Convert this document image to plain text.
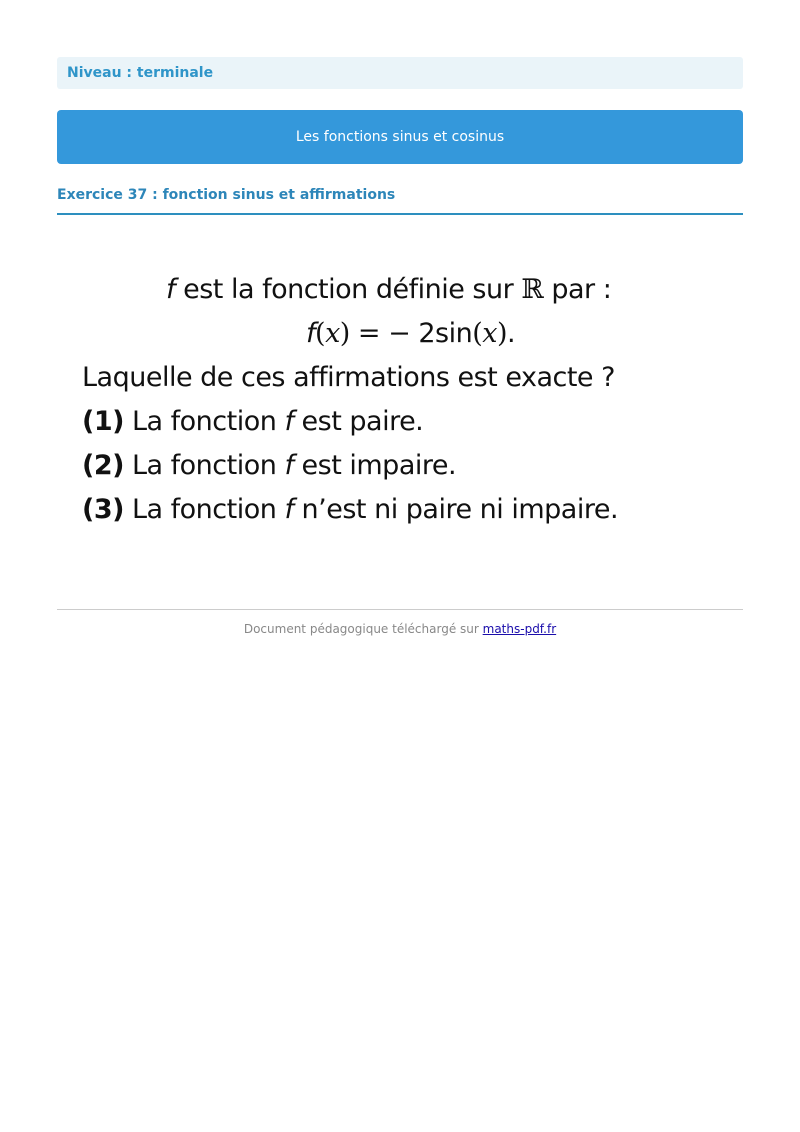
Niveau : terminale
Les fonctions sinus et cosinus
Exercice 37 : fonction sinus et affirmations
f est la fonction définie sur ℝ par :
f(x) = − 2sin(x).
Laquelle de ces affirmations est exacte ?
(1) La fonction f est paire.
(2) La fonction f est impaire.
(3) La fonction f n’est ni paire ni impaire.
Document pédagogique téléchargé sur maths-pdf.fr
